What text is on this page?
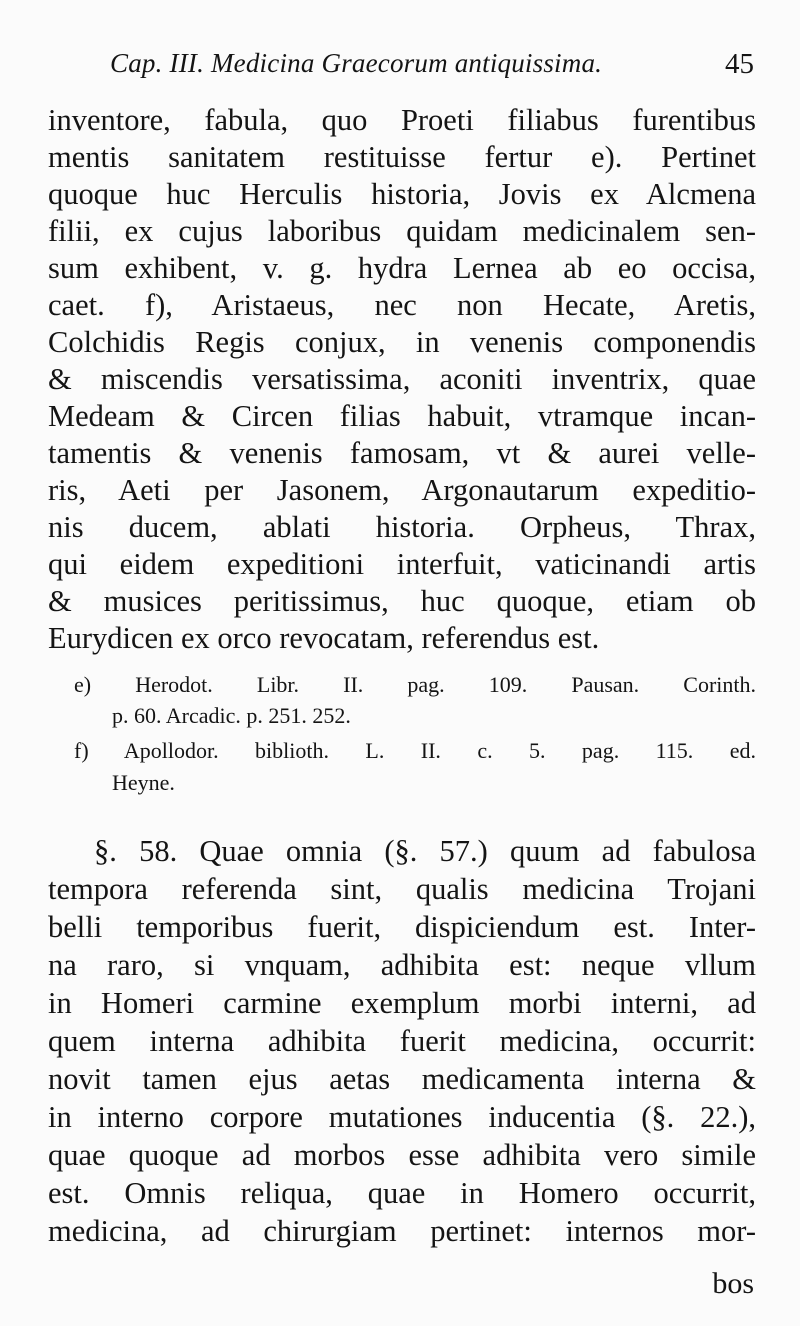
Cap. III. Medicina Graecorum antiquissima.	45
inventore, fabula, quo Proeti filiabus furentibus
mentis sanitatem restituisse fertur e). Pertinet
quoque huc Herculis historia, Jovis ex Alcmena
filii, ex cujus laboribus quidam medicinalem sen-
sum exhibent, v. g. hydra Lernea ab eo occisa,
caet. f), Aristaeus, nec non Hecate, Aretis,
Colchidis Regis conjux, in venenis componendis
& miscendis versatissima, aconiti inventrix, quae
Medeam & Circen filias habuit, vtramque incan-
tamentis & venenis famosam, vt & aurei velle-
ris, Aeti per Jasonem, Argonautarum expeditio-
nis ducem, ablati historia. Orpheus, Thrax,
qui eidem expeditioni interfuit, vaticinandi artis
& musices peritissimus, huc quoque, etiam ob
Eurydicen ex orco revocatam, referendus est.
e) Herodot. Libr. II. pag. 109. Pausan. Corinth.
p. 60. Arcadic. p. 251. 252.
f) Apollodor. biblioth. L. II. c. 5. pag. 115. ed.
Heyne.
§. 58. Quae omnia (§. 57.) quum ad fabulosa
tempora referenda sint, qualis medicina Trojani
belli temporibus fuerit, dispiciendum est. Inter-
na raro, si vnquam, adhibita est: neque vllum
in Homeri carmine exemplum morbi interni, ad
quem interna adhibita fuerit medicina, occurrit:
novit tamen ejus aetas medicamenta interna &
in interno corpore mutationes inducentia (§. 22.),
quae quoque ad morbos esse adhibita vero simile
est. Omnis reliqua, quae in Homero occurrit,
medicina, ad chirurgiam pertinet: internos mor-
bos
